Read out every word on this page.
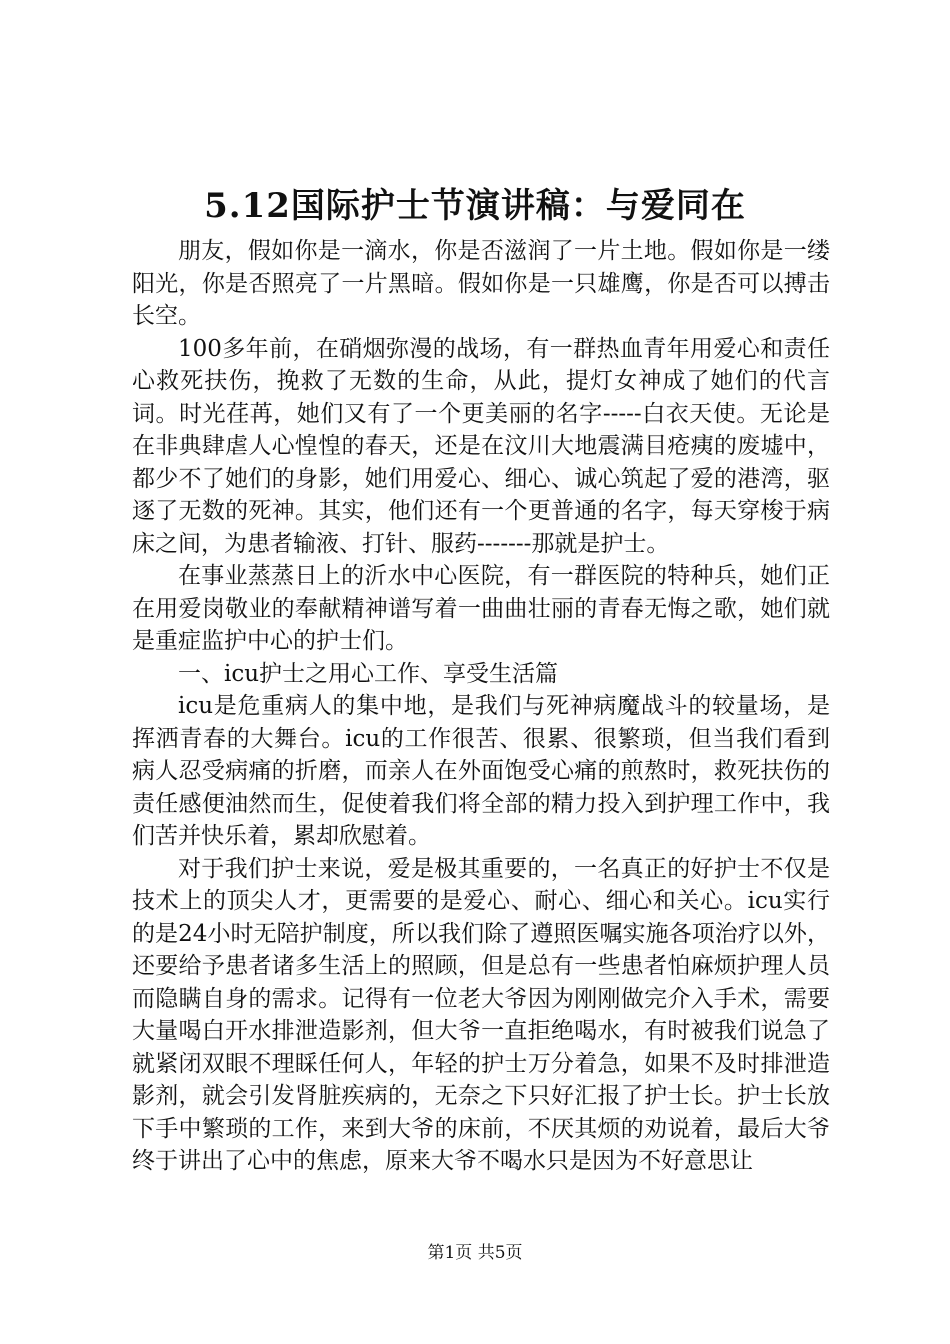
5.12国际护士节演讲稿：与爱同在

朋友，假如你是一滴水，你是否滋润了一片土地。假如你是一缕阳光，你是否照亮了一片黑暗。假如你是一只雄鹰，你是否可以搏击长空。

100多年前，在硝烟弥漫的战场，有一群热血青年用爱心和责任心救死扶伤，挽救了无数的生命，从此，提灯女神成了她们的代言词。时光荏苒，她们又有了一个更美丽的名字-----白衣天使。无论是在非典肆虐人心惶惶的春天，还是在汶川大地震满目疮痍的废墟中，都少不了她们的身影，她们用爱心、细心、诚心筑起了爱的港湾，驱逐了无数的死神。其实，他们还有一个更普通的名字，每天穿梭于病床之间，为患者输液、打针、服药-------那就是护士。

在事业蒸蒸日上的沂水中心医院，有一群医院的特种兵，她们正在用爱岗敬业的奉献精神谱写着一曲曲壮丽的青春无悔之歌，她们就是重症监护中心的护士们。

一、icu护士之用心工作、享受生活篇

icu是危重病人的集中地，是我们与死神病魔战斗的较量场，是挥洒青春的大舞台。icu的工作很苦、很累、很繁琐，但当我们看到病人忍受病痛的折磨，而亲人在外面饱受心痛的煎熬时，救死扶伤的责任感便油然而生，促使着我们将全部的精力投入到护理工作中，我们苦并快乐着，累却欣慰着。

对于我们护士来说，爱是极其重要的，一名真正的好护士不仅是技术上的顶尖人才，更需要的是爱心、耐心、细心和关心。icu实行的是24小时无陪护制度，所以我们除了遵照医嘱实施各项治疗以外，还要给予患者诸多生活上的照顾，但是总有一些患者怕麻烦护理人员而隐瞒自身的需求。记得有一位老大爷因为刚刚做完介入手术，需要大量喝白开水排泄造影剂，但大爷一直拒绝喝水，有时被我们说急了就紧闭双眼不理睬任何人，年轻的护士万分着急，如果不及时排泄造影剂，就会引发肾脏疾病的，无奈之下只好汇报了护士长。护士长放下手中繁琐的工作，来到大爷的床前，不厌其烦的劝说着，最后大爷终于讲出了心中的焦虑，原来大爷不喝水只是因为不好意思让

第1页 共5页
